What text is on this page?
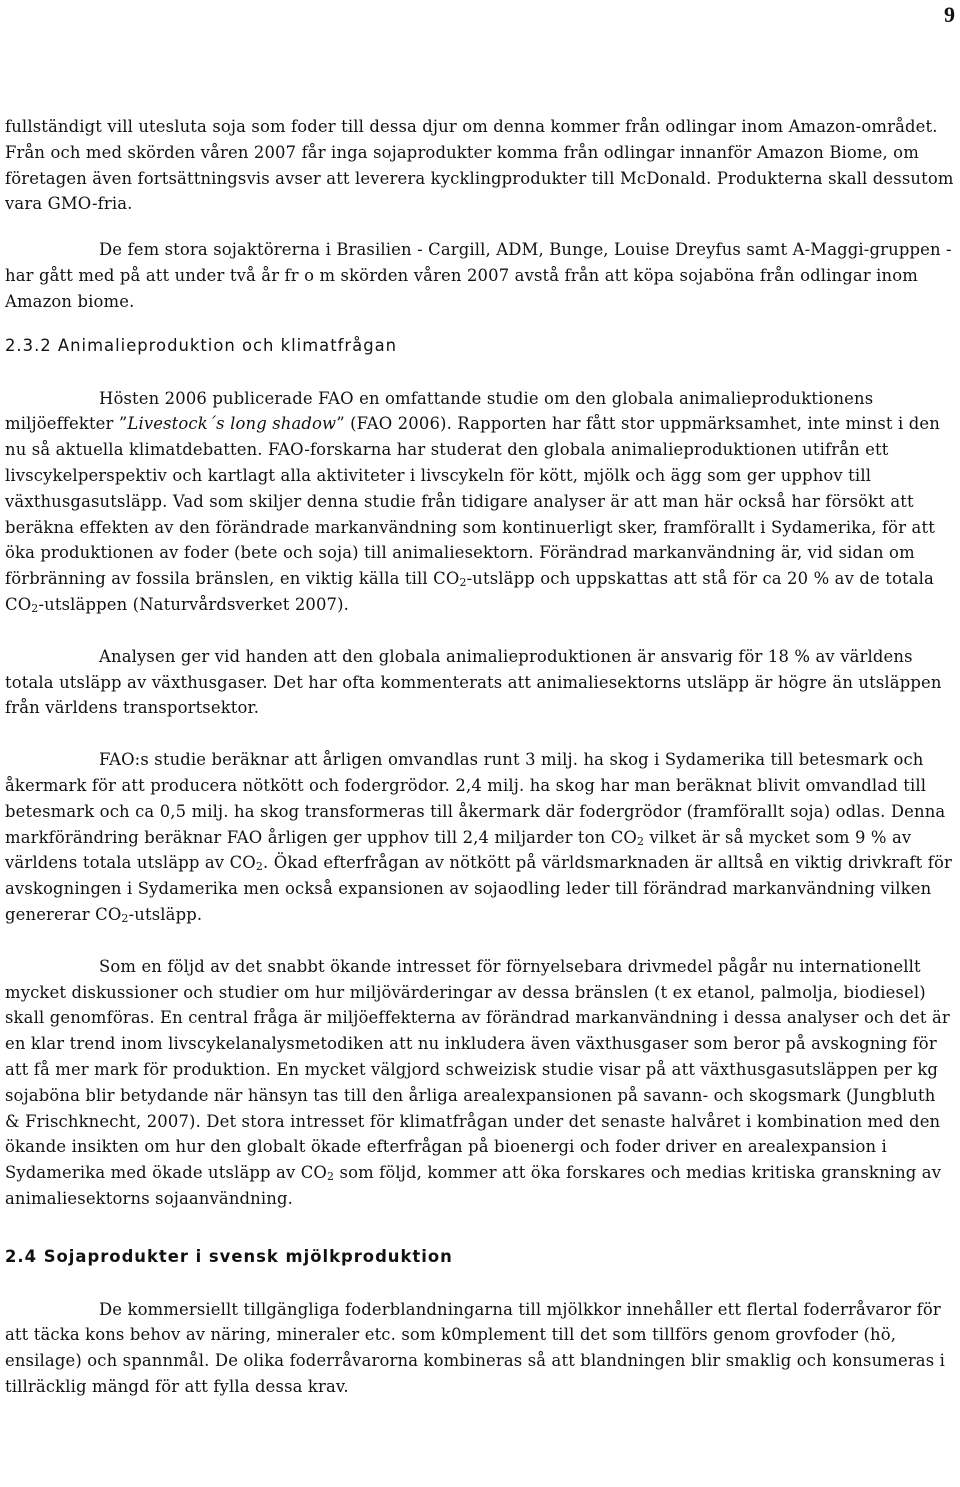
9

fullständigt vill utesluta soja som foder till dessa djur om denna kommer från odlingar inom Amazon-området. Från och med skörden våren 2007 får inga sojaprodukter komma från odlingar innanför Amazon Biome, om företagen även fortsättningsvis avser att leverera kycklingprodukter till McDonald. Produkterna skall dessutom vara GMO-fria.

De fem stora sojaktörerna i Brasilien - Cargill, ADM, Bunge, Louise Dreyfus samt A-Maggi-gruppen - har gått med på att under två år fr o m skörden våren 2007 avstå från att köpa sojaböna från odlingar inom Amazon biome.

2.3.2 Animalieproduktion och klimatfrågan

Hösten 2006 publicerade FAO en omfattande studie om den globala animalieproduktionens miljöeffekter ”Livestock´s long shadow” (FAO 2006). Rapporten har fått stor uppmärksamhet, inte minst i den nu så aktuella klimatdebatten. FAO-forskarna har studerat den globala animalieproduktionen utifrån ett livscykelperspektiv och kartlagt alla aktiviteter i livscykeln för kött, mjölk och ägg som ger upphov till växthusgasutsläpp. Vad som skiljer denna studie från tidigare analyser är att man här också har försökt att beräkna effekten av den förändrade markanvändning som kontinuerligt sker, framförallt i Sydamerika, för att öka produktionen av foder (bete och soja) till animaliesektorn. Förändrad markanvändning är, vid sidan om förbränning av fossila bränslen, en viktig källa till $CO_2$-utsläpp och uppskattas att stå för ca 20 % av de totala $CO_2$-utsläppen (Naturvårdsverket 2007).

Analysen ger vid handen att den globala animalieproduktionen är ansvarig för 18 % av världens totala utsläpp av växthusgaser. Det har ofta kommenterats att animaliesektorns utsläpp är högre än utsläppen från världens transportsektor.

FAO:s studie beräknar att årligen omvandlas runt 3 milj. ha skog i Sydamerika till betesmark och åkermark för att producera nötkött och fodergrödor. 2,4 milj. ha skog har man beräknat blivit omvandlad till betesmark och ca 0,5 milj. ha skog transformeras till åkermark där fodergrödor (framförallt soja) odlas. Denna markförändring beräknar FAO årligen ger upphov till 2,4 miljarder ton $CO_2$ vilket är så mycket som 9 % av världens totala utsläpp av $CO_2$. Ökad efterfrågan av nötkött på världsmarknaden är alltså en viktig drivkraft för avskogningen i Sydamerika men också expansionen av sojaodling leder till förändrad markanvändning vilken genererar $CO_2$-utsläpp.

Som en följd av det snabbt ökande intresset för förnyelsebara drivmedel pågår nu internationellt mycket diskussioner och studier om hur miljövärderingar av dessa bränslen (t ex etanol, palmolja, biodiesel) skall genomföras. En central fråga är miljöeffekterna av förändrad markanvändning i dessa analyser och det är en klar trend inom livscykelanalysmetodiken att nu inkludera även växthusgaser som beror på avskogning för att få mer mark för produktion. En mycket välgjord schweizisk studie visar på att växthusgasutsläppen per kg sojaböna blir betydande när hänsyn tas till den årliga arealexpansionen på savann- och skogsmark (Jungbluth & Frischknecht, 2007). Det stora intresset för klimatfrågan under det senaste halvåret i kombination med den ökande insikten om hur den globalt ökade efterfrågan på bioenergi och foder driver en arealexpansion i Sydamerika med ökade utsläpp av $CO_2$ som följd, kommer att öka forskares och medias kritiska granskning av animaliesektorns sojaanvändning.

2.4 Sojaprodukter i svensk mjölkproduktion

De kommersiellt tillgängliga foderblandningarna till mjölkkor innehåller ett flertal foderråvaror för att täcka kons behov av näring, mineraler etc. som k0mplement till det som tillförs genom grovfoder (hö, ensilage) och spannmål. De olika foderråvarorna kombineras så att blandningen blir smaklig och konsumeras i tillräcklig mängd för att fylla dessa krav.
